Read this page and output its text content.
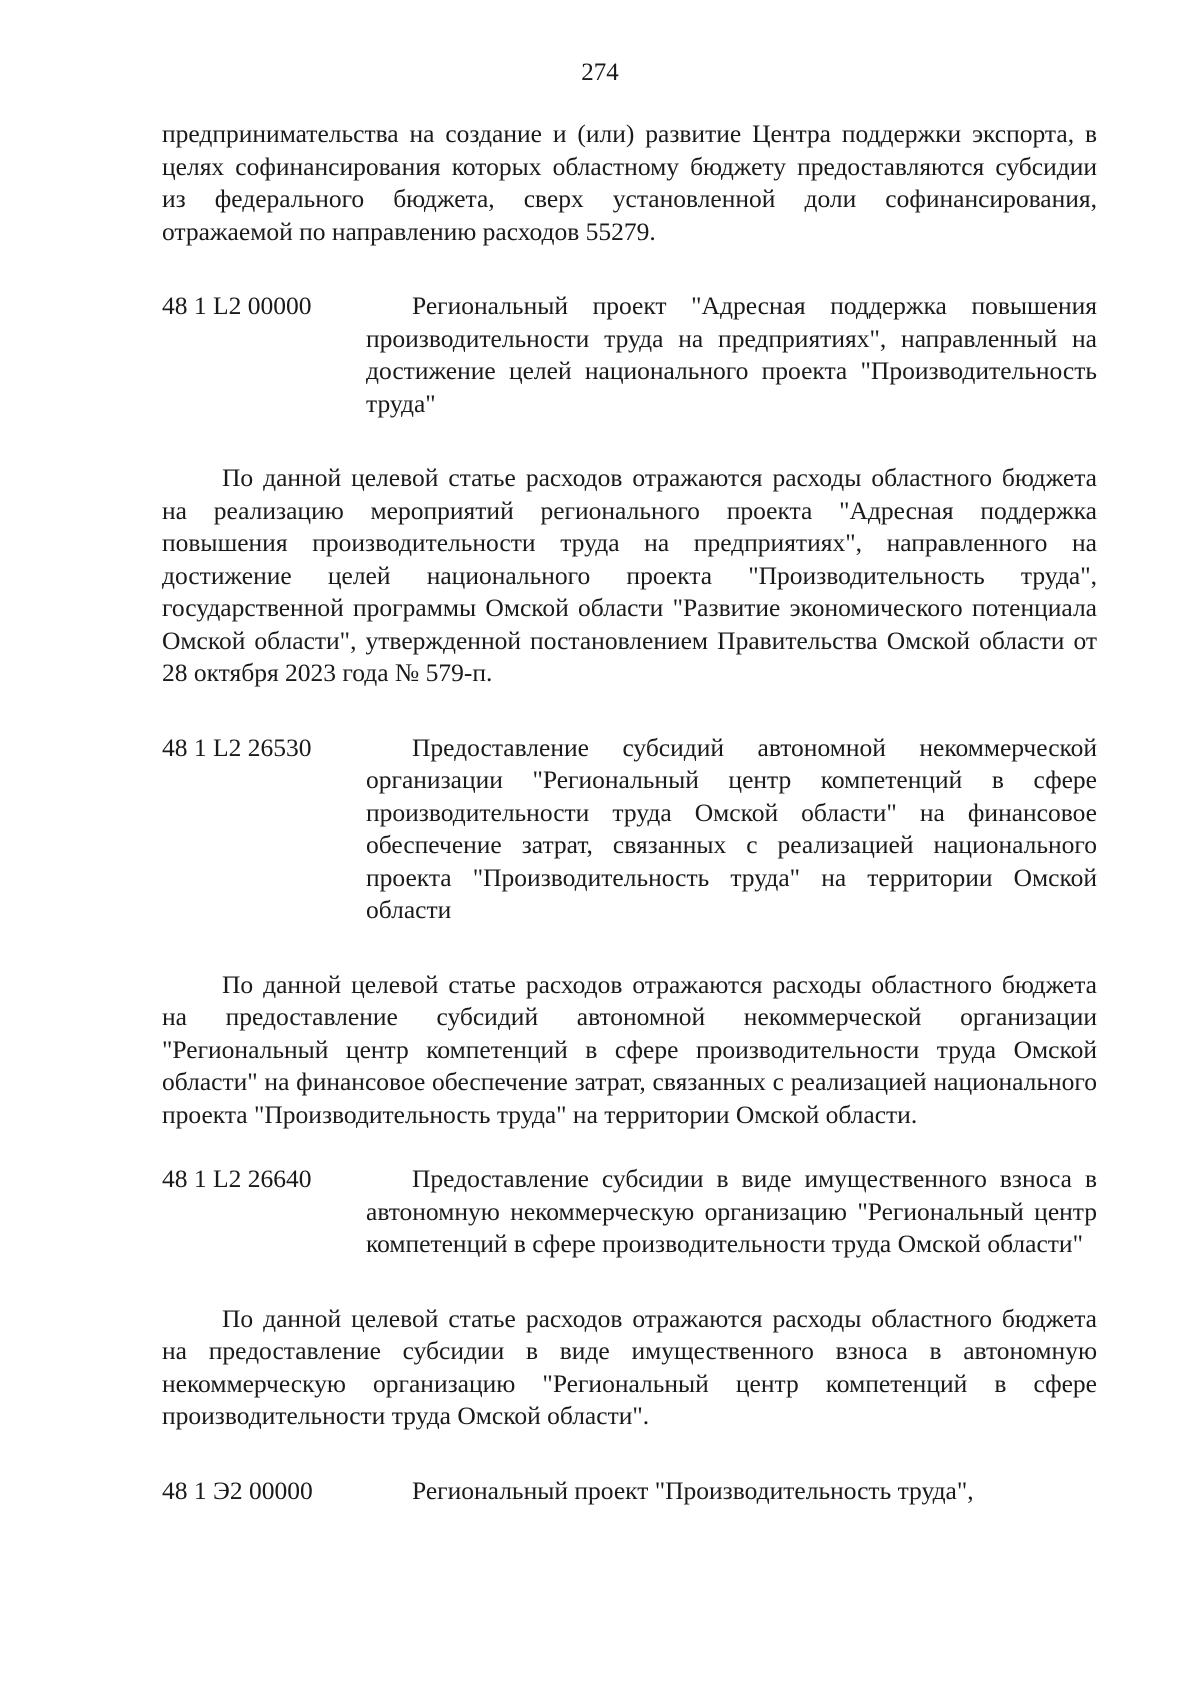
274

предпринимательства на создание и (или) развитие Центра поддержки экспорта, в целях софинансирования которых областному бюджету предоставляются субсидии из федерального бюджета, сверх установленной доли софинансирования, отражаемой по направлению расходов 55279.

48 1 L2 00000	Региональный проект "Адресная поддержка повышения производительности труда на предприятиях", направленный на достижение целей национального проекта "Производительность труда"

По данной целевой статье расходов отражаются расходы областного бюджета на реализацию мероприятий регионального проекта "Адресная поддержка повышения производительности труда на предприятиях", направленного на достижение целей национального проекта "Производительность труда", государственной программы Омской области "Развитие экономического потенциала Омской области", утвержденной постановлением Правительства Омской области от 28 октября 2023 года № 579-п.

48 1 L2 26530	Предоставление субсидий автономной некоммерческой организации "Региональный центр компетенций в сфере производительности труда Омской области" на финансовое обеспечение затрат, связанных с реализацией национального проекта "Производительность труда" на территории Омской области

По данной целевой статье расходов отражаются расходы областного бюджета на предоставление субсидий автономной некоммерческой организации "Региональный центр компетенций в сфере производительности труда Омской области" на финансовое обеспечение затрат, связанных с реализацией национального проекта "Производительность труда" на территории Омской области.

48 1 L2 26640	Предоставление субсидии в виде имущественного взноса в автономную некоммерческую организацию "Региональный центр компетенций в сфере производительности труда Омской области"

По данной целевой статье расходов отражаются расходы областного бюджета на предоставление субсидии в виде имущественного взноса в автономную некоммерческую организацию "Региональный центр компетенций в сфере производительности труда Омской области".

48 1 Э2 00000	Региональный проект "Производительность труда",
